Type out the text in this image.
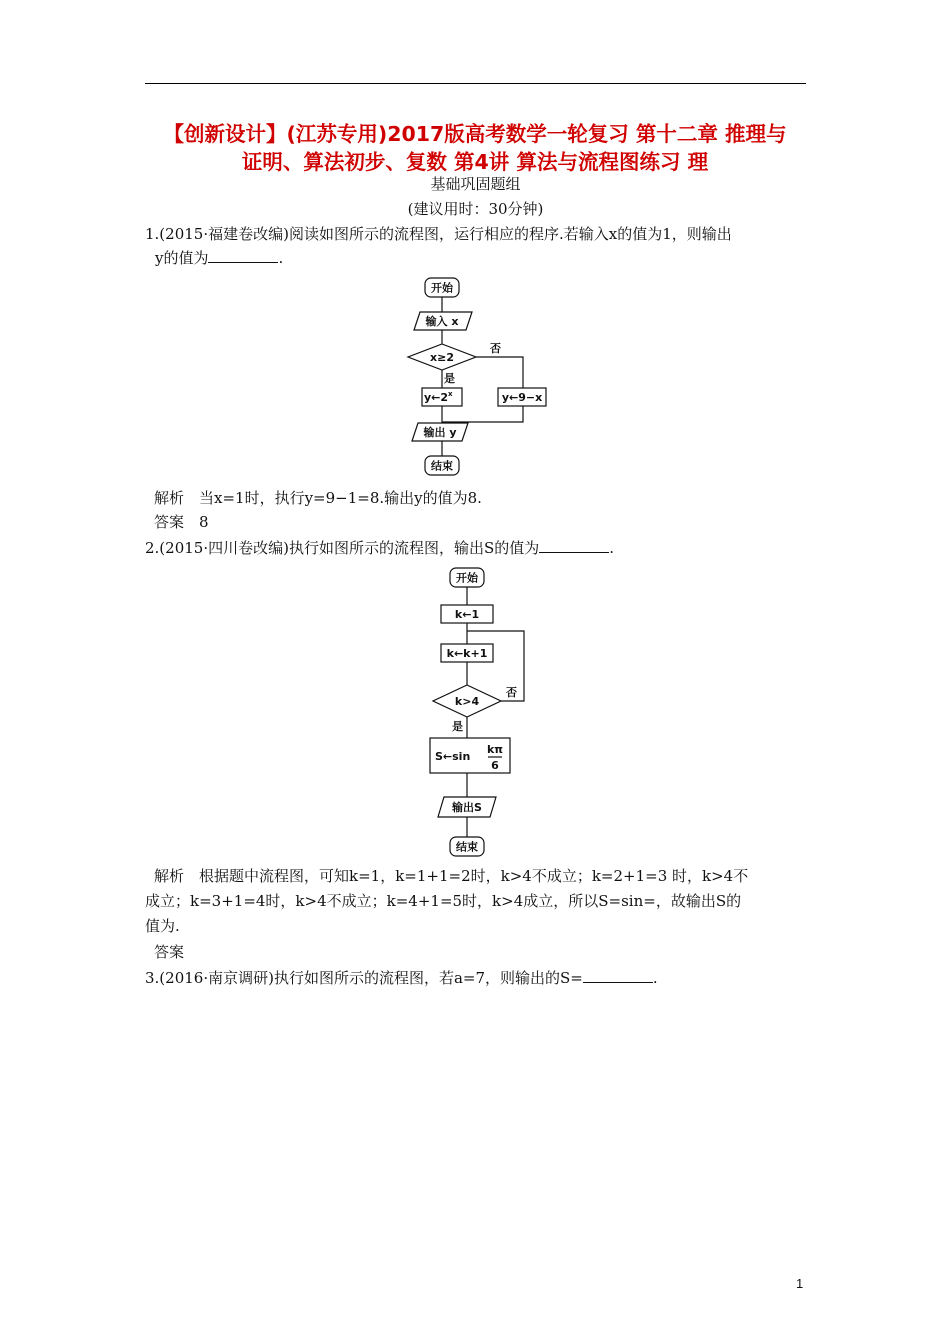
【创新设计】(江苏专用)2017版高考数学一轮复习 第十二章 推理与
证明、算法初步、复数 第4讲 算法与流程图练习 理
基础巩固题组
(建议用时：30分钟)
1.(2015·福建卷改编)阅读如图所示的流程图，运行相应的程序.若输入x的值为1，则输出
y的值为	.
开始
输入 x
x≥2
否
是
y←2$^x$	y←9−x
输出 y
结束
解析　当x=1时，执行y=9−1=8.输出y的值为8.
答案　8
2.(2015·四川卷改编)执行如图所示的流程图，输出S的值为	.
开始
k←1
k←k+1
k>4
否
是
S←sin
kπ
6
输出S
结束
解析　根据题中流程图，可知k=1，k=1+1=2时，k>4不成立；k=2+1=3 时，k>4不
成立；k=3+1=4时，k>4不成立；k=4+1=5时，k>4成立，所以S=sin=，故输出S的
值为.
答案
3.(2016·南京调研)执行如图所示的流程图，若a=7，则输出的S=	.
1
